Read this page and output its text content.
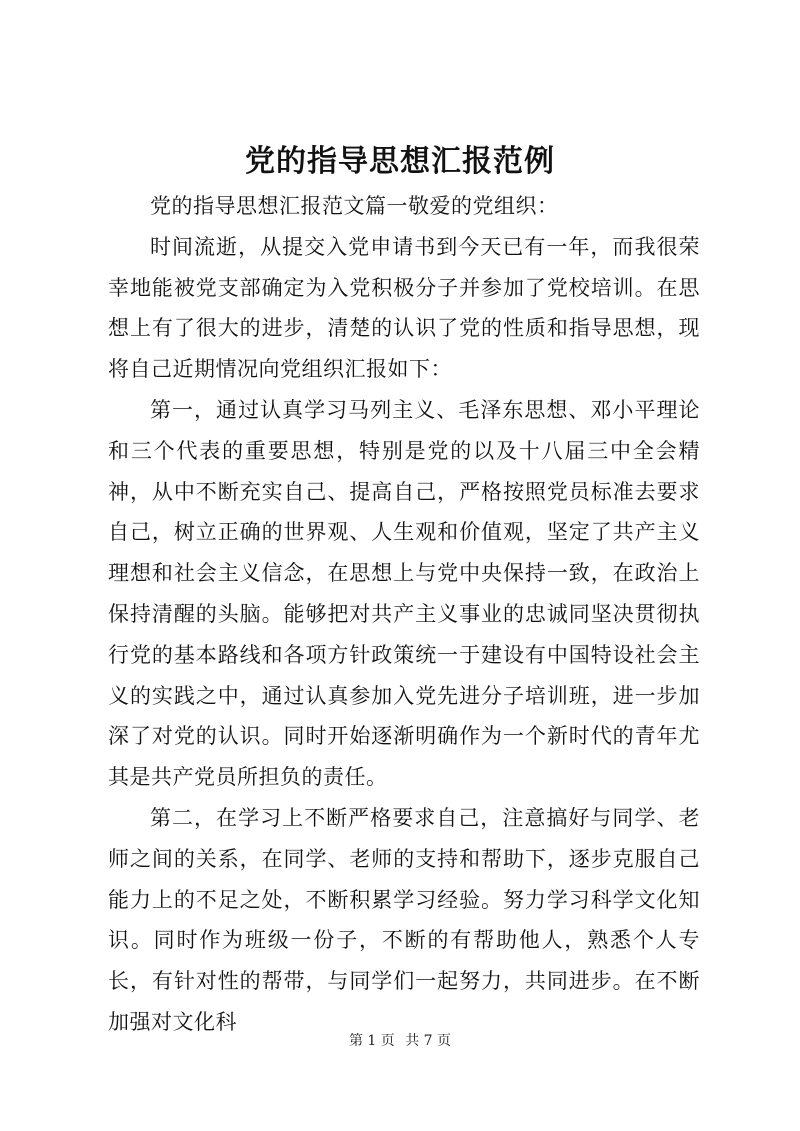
党的指导思想汇报范例

党的指导思想汇报范文篇一敬爱的党组织：

时间流逝，从提交入党申请书到今天已有一年，而我很荣幸地能被党支部确定为入党积极分子并参加了党校培训。在思想上有了很大的进步，清楚的认识了党的性质和指导思想，现将自己近期情况向党组织汇报如下：

第一，通过认真学习马列主义、毛泽东思想、邓小平理论和三个代表的重要思想，特别是党的以及十八届三中全会精神，从中不断充实自己、提高自己，严格按照党员标准去要求自己，树立正确的世界观、人生观和价值观，坚定了共产主义理想和社会主义信念，在思想上与党中央保持一致，在政治上保持清醒的头脑。能够把对共产主义事业的忠诚同坚决贯彻执行党的基本路线和各项方针政策统一于建设有中国特设社会主义的实践之中，通过认真参加入党先进分子培训班，进一步加深了对党的认识。同时开始逐渐明确作为一个新时代的青年尤其是共产党员所担负的责任。

第二，在学习上不断严格要求自己，注意搞好与同学、老师之间的关系，在同学、老师的支持和帮助下，逐步克服自己能力上的不足之处，不断积累学习经验。努力学习科学文化知识。同时作为班级一份子，不断的有帮助他人，熟悉个人专长，有针对性的帮带，与同学们一起努力，共同进步。在不断加强对文化科

第 1 页 共 7 页
